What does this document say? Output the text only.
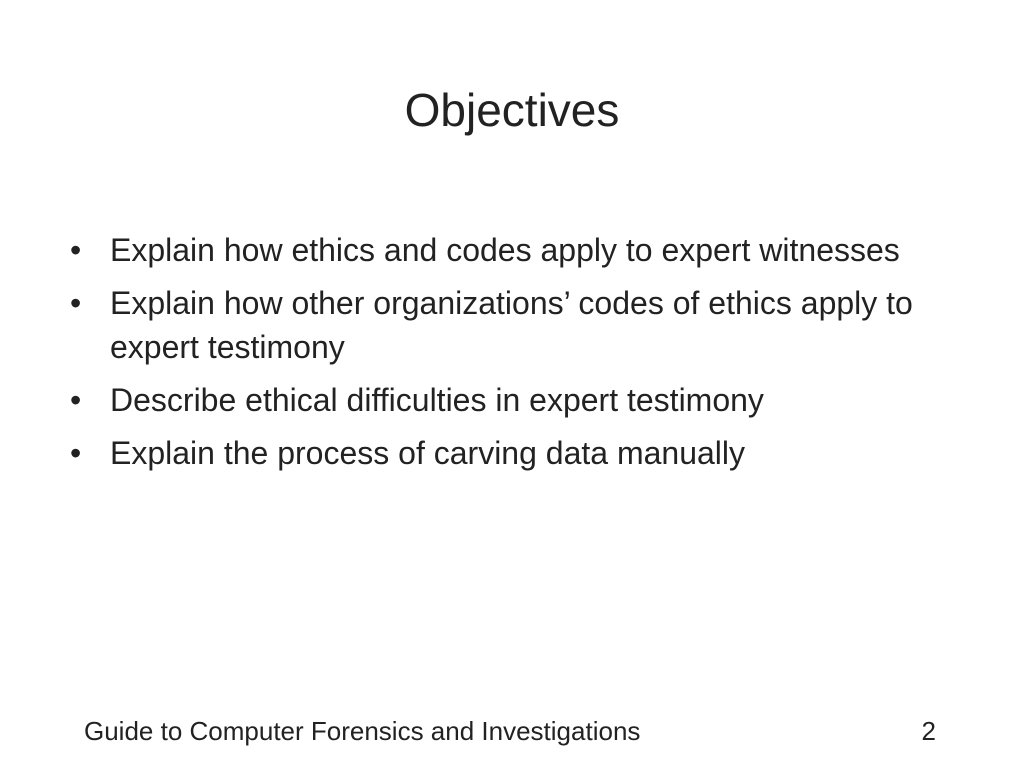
Objectives
• Explain how ethics and codes apply to expert witnesses
• Explain how other organizations’ codes of ethics apply to expert testimony
• Describe ethical difficulties in expert testimony
• Explain the process of carving data manually
Guide to Computer Forensics and Investigations	2
